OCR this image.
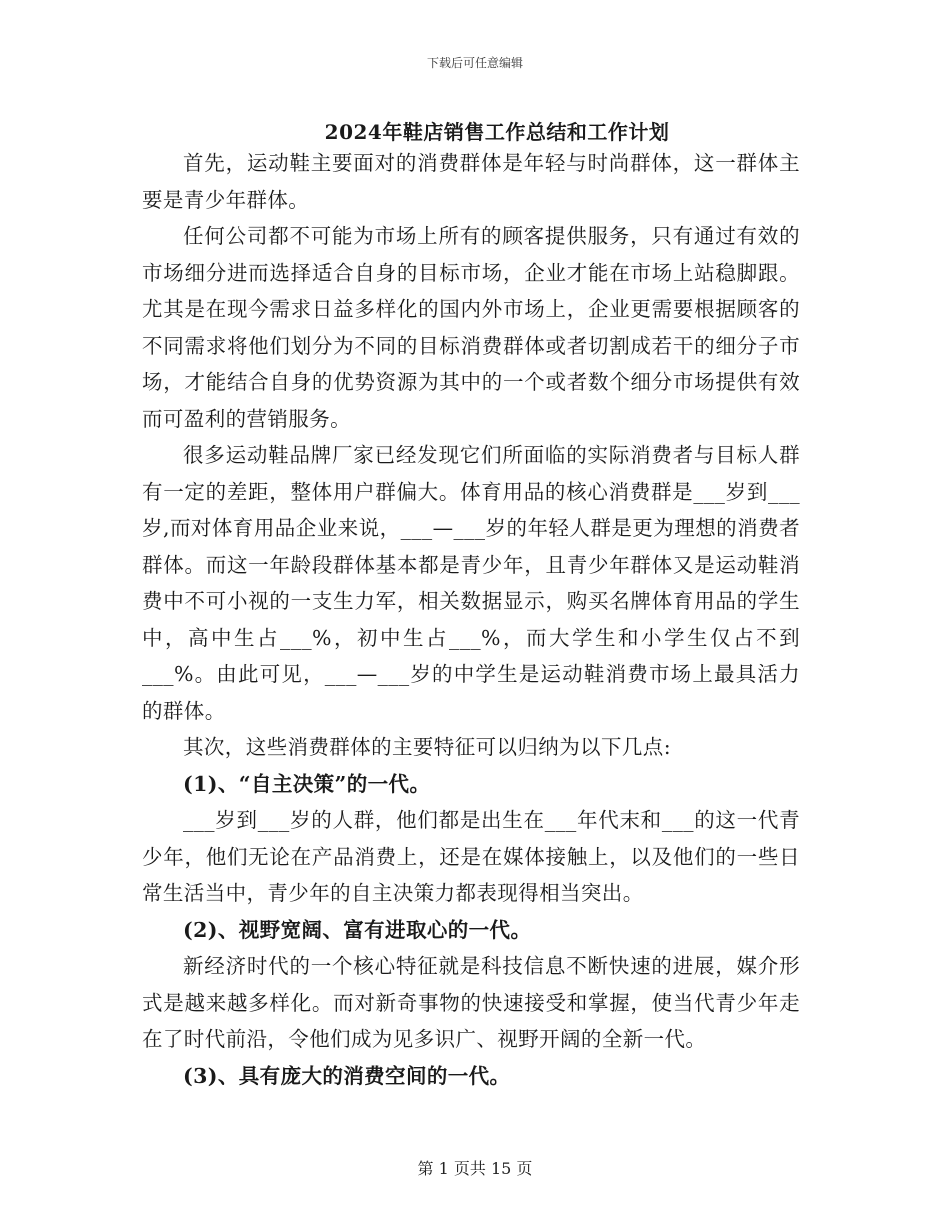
下载后可任意编辑
2024年鞋店销售工作总结和工作计划

首先，运动鞋主要面对的消费群体是年轻与时尚群体，这一群体主要是青少年群体。

任何公司都不可能为市场上所有的顾客提供服务，只有通过有效的市场细分进而选择适合自身的目标市场，企业才能在市场上站稳脚跟。尤其是在现今需求日益多样化的国内外市场上，企业更需要根据顾客的不同需求将他们划分为不同的目标消费群体或者切割成若干的细分子市场，才能结合自身的优势资源为其中的一个或者数个细分市场提供有效而可盈利的营销服务。

很多运动鞋品牌厂家已经发现它们所面临的实际消费者与目标人群有一定的差距，整体用户群偏大。体育用品的核心消费群是___岁到___岁,而对体育用品企业来说，___—___岁的年轻人群是更为理想的消费者群体。而这一年龄段群体基本都是青少年，且青少年群体又是运动鞋消费中不可小视的一支生力军，相关数据显示，购买名牌体育用品的学生中，高中生占___%，初中生占___%，而大学生和小学生仅占不到___%。由此可见，___—___岁的中学生是运动鞋消费市场上最具活力的群体。

其次，这些消费群体的主要特征可以归纳为以下几点:

(1)、“自主决策”的一代。

___岁到___岁的人群，他们都是出生在___年代末和___的这一代青少年，他们无论在产品消费上，还是在媒体接触上，以及他们的一些日常生活当中，青少年的自主决策力都表现得相当突出。

(2)、视野宽阔、富有进取心的一代。

新经济时代的一个核心特征就是科技信息不断快速的进展，媒介形式是越来越多样化。而对新奇事物的快速接受和掌握，使当代青少年走在了时代前沿，令他们成为见多识广、视野开阔的全新一代。

(3)、具有庞大的消费空间的一代。

第 1 页共 15 页
